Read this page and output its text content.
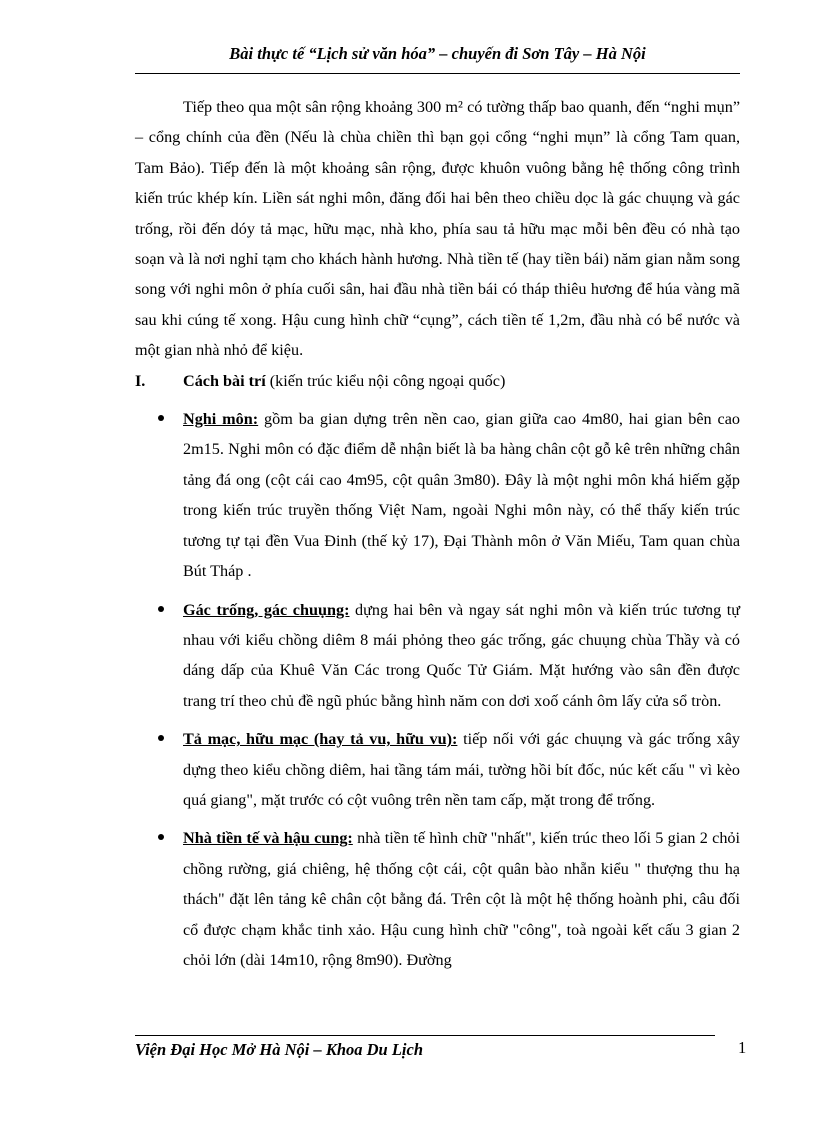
Bài thực tế “Lịch sử văn hóa” – chuyến đi Sơn Tây – Hà Nội

Tiếp theo qua một sân rộng khoảng 300 m² có tường thấp bao quanh, đến “nghi mụn” – cổng chính của đền (Nếu là chùa chiền thì bạn gọi cổng “nghi mụn” là cổng Tam quan, Tam Bảo). Tiếp đến là một khoảng sân rộng, được khuôn vuông bằng hệ thống công trình kiến trúc khép kín. Liền sát nghi môn, đăng đối hai bên theo chiều dọc là gác chuụng và gác trống, rồi đến dóy tả mạc, hữu mạc, nhà kho, phía sau tả hữu mạc mỗi bên đều có nhà tạo soạn và là nơi nghỉ tạm cho khách hành hương. Nhà tiền tế (hay tiền bái) năm gian nằm song song với nghi môn ở phía cuối sân, hai đầu nhà tiền bái có tháp thiêu hương để húa vàng mã sau khi cúng tế xong. Hậu cung hình chữ “cụng”, cách tiền tế 1,2m, đầu nhà có bể nước và một gian nhà nhỏ để kiệu.

I.	Cách bài trí (kiến trúc kiểu nội công ngoại quốc)
Nghi môn: gồm ba gian dựng trên nền cao, gian giữa cao 4m80, hai gian bên cao 2m15. Nghi môn có đặc điểm dễ nhận biết là ba hàng chân cột gỗ kê trên những chân tảng đá ong (cột cái cao 4m95, cột quân 3m80). Đây là một nghi môn khá hiếm gặp trong kiến trúc truyền thống Việt Nam, ngoài Nghi môn này, có thể thấy kiến trúc tương tự tại đền Vua Đinh (thế kỷ 17), Đại Thành môn ở Văn Miếu, Tam quan chùa Bút Tháp .
Gác trống, gác chuụng: dựng hai bên và ngay sát nghi môn và kiến trúc tương tự nhau với kiểu chồng diêm 8 mái phỏng theo gác trống, gác chuụng chùa Thầy và có dáng dấp của Khuê Văn Các trong Quốc Tử Giám. Mặt hướng vào sân đền được trang trí theo chủ đề ngũ phúc bằng hình năm con dơi xoố cánh ôm lấy cửa sổ tròn.
Tả mạc, hữu mạc (hay tả vu, hữu vu): tiếp nối với gác chuụng và gác trống xây dựng theo kiểu chồng diêm, hai tầng tám mái, tường hồi bít đốc, núc kết cấu " vì kèo quá giang", mặt trước có cột vuông trên nền tam cấp, mặt trong để trống.
Nhà tiền tế và hậu cung: nhà tiền tế hình chữ "nhất", kiến trúc theo lối 5 gian 2 chỏi chồng rường, giá chiêng, hệ thống cột cái, cột quân bào nhẵn kiểu " thượng thu hạ thách" đặt lên tảng kê chân cột bằng đá. Trên cột là một hệ thống hoành phi, câu đối cổ được chạm khắc tinh xảo. Hậu cung hình chữ "công", toà ngoài kết cấu 3 gian 2 chỏi lớn (dài 14m10, rộng 8m90). Đường
Viện Đại Học Mở Hà Nội – Khoa Du Lịch	1
